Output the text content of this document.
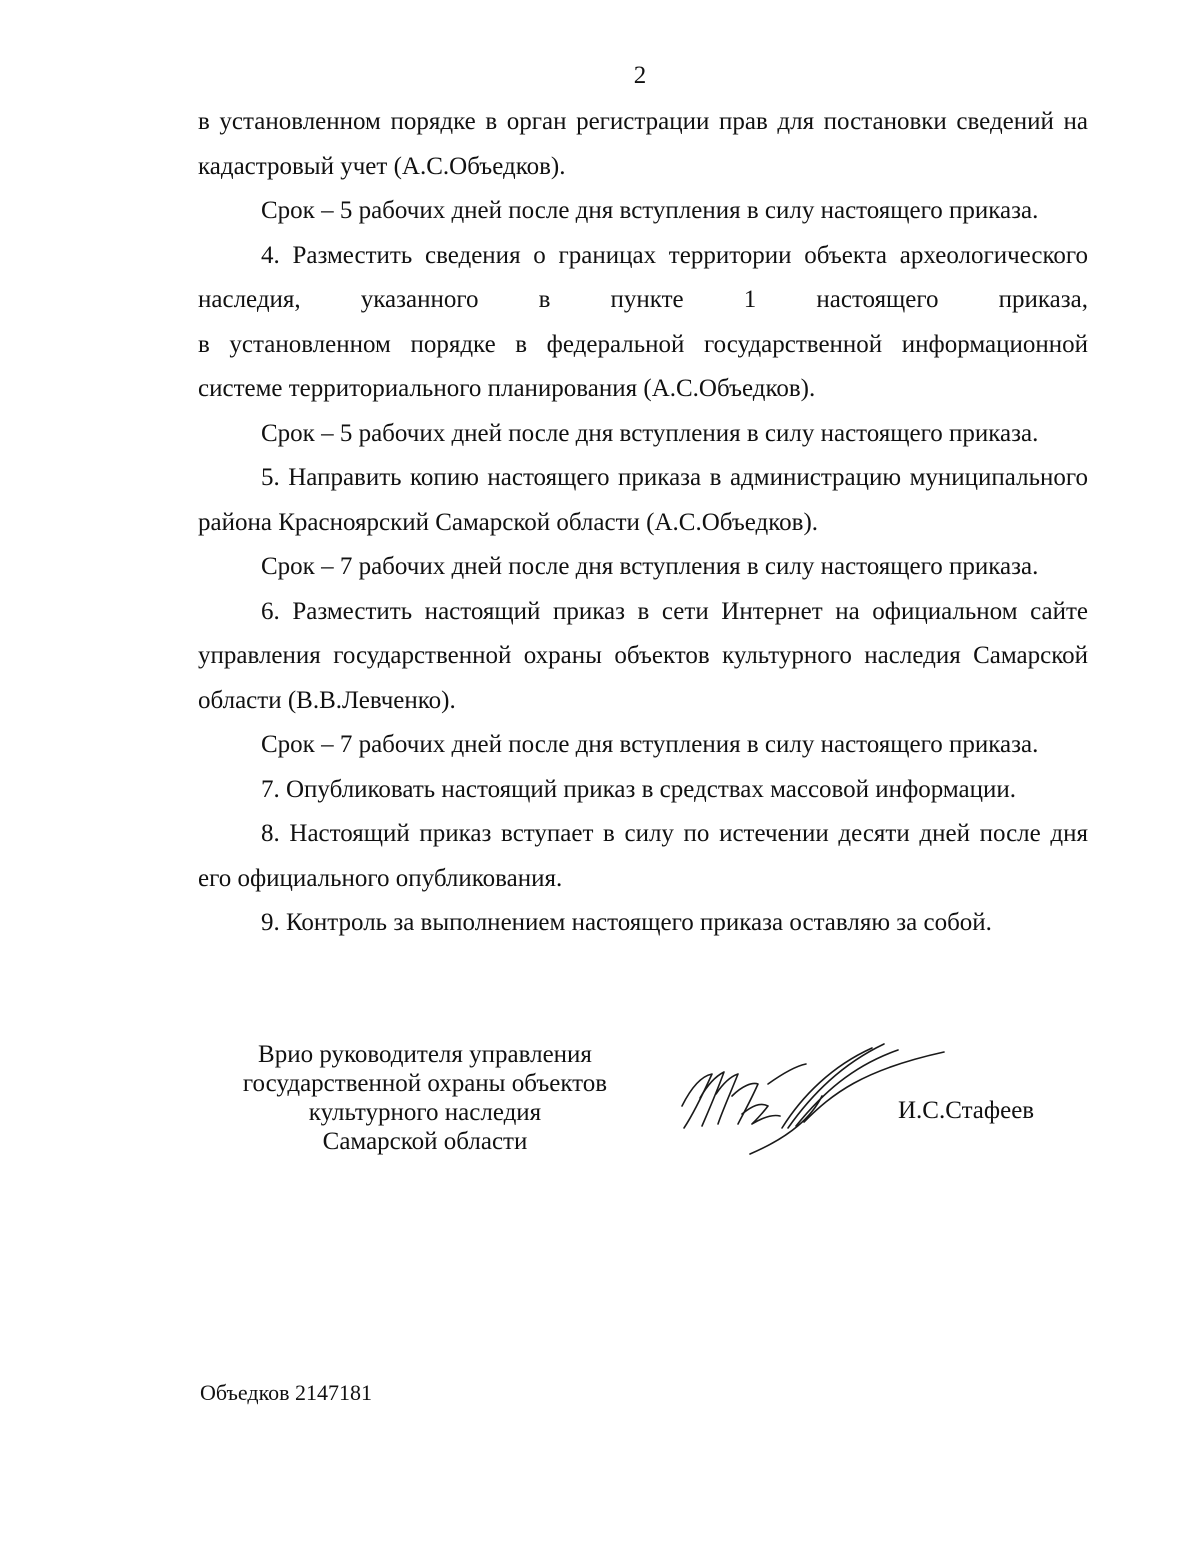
2

в установленном порядке в орган регистрации прав для постановки сведений на кадастровый учет (А.С.Объедков).

Срок – 5 рабочих дней после дня вступления в силу настоящего приказа.

4. Разместить сведения о границах территории объекта археологического наследия, указанного в пункте 1 настоящего приказа,

в установленном порядке в федеральной государственной информационной системе территориального планирования (А.С.Объедков).

Срок – 5 рабочих дней после дня вступления в силу настоящего приказа.

5. Направить копию настоящего приказа в администрацию муниципального района Красноярский Самарской области (А.С.Объедков).

Срок – 7 рабочих дней после дня вступления в силу настоящего приказа.

6. Разместить настоящий приказ в сети Интернет на официальном сайте управления государственной охраны объектов культурного наследия Самарской области (В.В.Левченко).

Срок – 7 рабочих дней после дня вступления в силу настоящего приказа.

7. Опубликовать настоящий приказ в средствах массовой информации.

8. Настоящий приказ вступает в силу по истечении десяти дней после дня его официального опубликования.

9. Контроль за выполнением настоящего приказа оставляю за собой.

Врио руководителя управления
государственной охраны объектов
культурного наследия
Самарской области
И.С.Стафеев
Объедков 2147181
